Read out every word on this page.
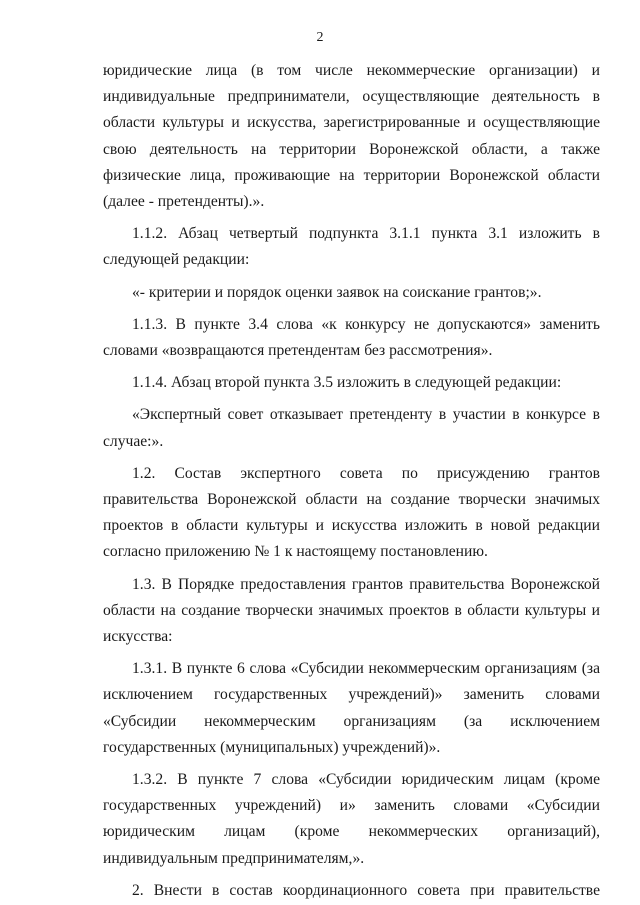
2

юридические лица (в том числе некоммерческие организации) и индивидуальные предприниматели, осуществляющие деятельность в области культуры и искусства, зарегистрированные и осуществляющие свою деятельность на территории Воронежской области, а также физические лица, проживающие на территории Воронежской области (далее - претенденты).».

1.1.2. Абзац четвертый подпункта 3.1.1 пункта 3.1 изложить в следующей редакции:

«- критерии и порядок оценки заявок на соискание грантов;».

1.1.3. В пункте 3.4 слова «к конкурсу не допускаются» заменить словами «возвращаются претендентам без рассмотрения».

1.1.4. Абзац второй пункта 3.5 изложить в следующей редакции:

«Экспертный совет отказывает претенденту в участии в конкурсе в случае:».

1.2. Состав экспертного совета по присуждению грантов правительства Воронежской области на создание творчески значимых проектов в области культуры и искусства изложить в новой редакции согласно приложению № 1 к настоящему постановлению.

1.3. В Порядке предоставления грантов правительства Воронежской области на создание творчески значимых проектов в области культуры и искусства:

1.3.1. В пункте 6 слова «Субсидии некоммерческим организациям (за исключением государственных учреждений)» заменить словами «Субсидии некоммерческим организациям (за исключением государственных (муниципальных) учреждений)».

1.3.2. В пункте 7 слова «Субсидии юридическим лицам (кроме государственных учреждений) и» заменить словами «Субсидии юридическим лицам (кроме некоммерческих организаций), индивидуальным предпринимателям,».

2. Внести в состав координационного совета при правительстве
